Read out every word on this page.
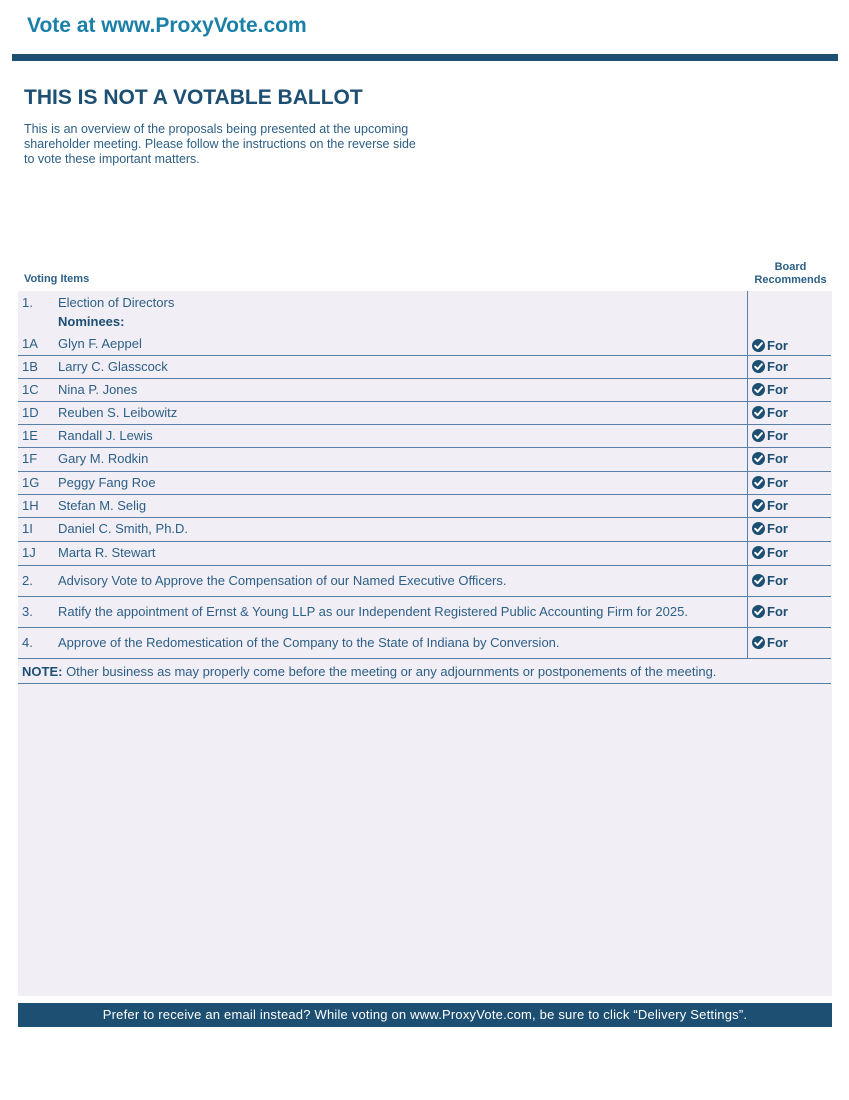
Vote at www.ProxyVote.com
THIS IS NOT A VOTABLE BALLOT
This is an overview of the proposals being presented at the upcoming shareholder meeting. Please follow the instructions on the reverse side to vote these important matters.
Voting Items
Board
Recommends
1. Election of Directors
Nominees:
1A Glyn F. Aeppel	For
1B Larry C. Glasscock	For
1C Nina P. Jones	For
1D Reuben S. Leibowitz	For
1E Randall J. Lewis	For
1F Gary M. Rodkin	For
1G Peggy Fang Roe	For
1H Stefan M. Selig	For
1I Daniel C. Smith, Ph.D.	For
1J Marta R. Stewart	For
2. Advisory Vote to Approve the Compensation of our Named Executive Officers.	For
3. Ratify the appointment of Ernst & Young LLP as our Independent Registered Public Accounting Firm for 2025.	For
4. Approve of the Redomestication of the Company to the State of Indiana by Conversion.	For
NOTE: Other business as may properly come before the meeting or any adjournments or postponements of the meeting.
Prefer to receive an email instead? While voting on www.ProxyVote.com, be sure to click “Delivery Settings”.
